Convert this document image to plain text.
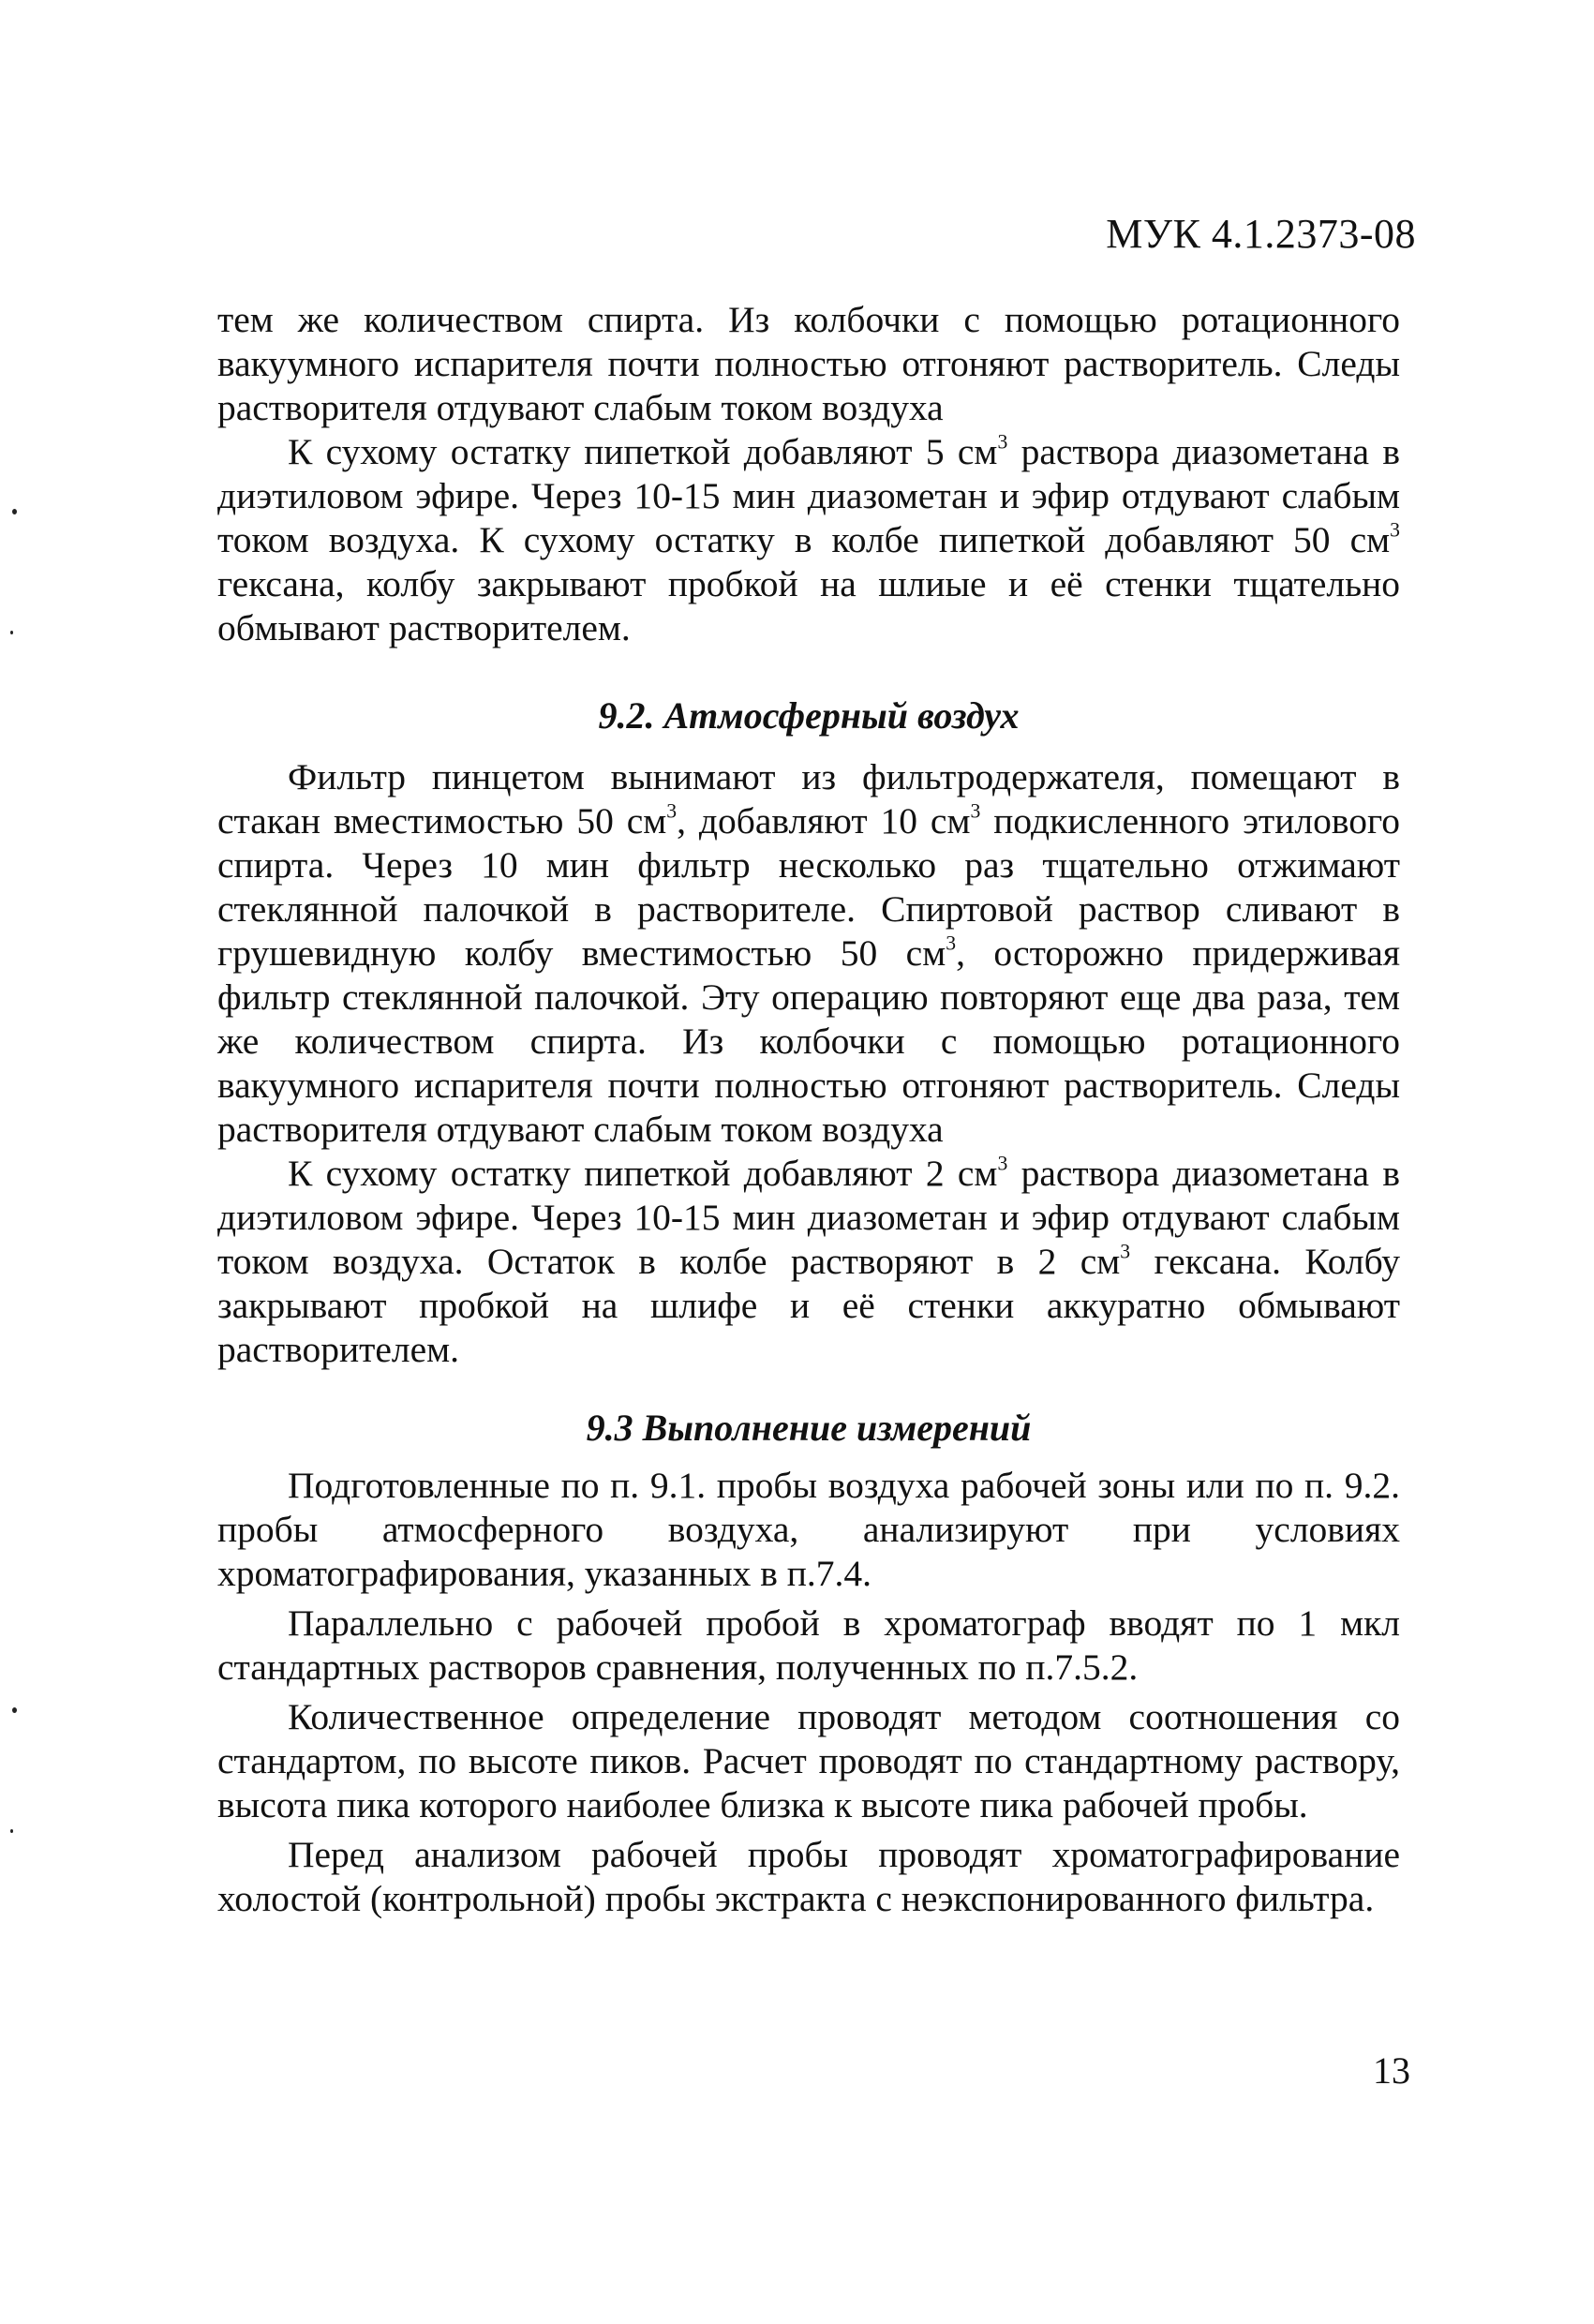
МУК 4.1.2373-08

тем же количеством спирта. Из колбочки с помощью ротационного вакуумного испарителя почти полностью отгоняют растворитель. Следы растворителя отдувают слабым током воздуха

К сухому остатку пипеткой добавляют 5 $см^3$ раствора диазометана в диэтиловом эфире. Через 10-15 мин диазометан и эфир отдувают слабым током воздуха. К сухому остатку в колбе пипеткой добавляют 50 $см^3$ гексана, колбу закрывают пробкой на шлиые и её стенки тщательно обмывают растворителем.

9.2. Атмосферный воздух

Фильтр пинцетом вынимают из фильтродержателя, помещают в стакан вместимостью 50 $см^3$, добавляют 10 $см^3$ подкисленного этилового спирта. Через 10 мин фильтр несколько раз тщательно отжимают стеклянной палочкой в растворителе. Спиртовой раствор сливают в грушевидную колбу вместимостью 50 $см^3$, осторожно придерживая фильтр стеклянной палочкой. Эту операцию повторяют еще два раза, тем же количеством спирта. Из колбочки с помощью ротационного вакуумного испарителя почти полностью отгоняют растворитель. Следы растворителя отдувают слабым током воздуха

К сухому остатку пипеткой добавляют 2 $см^3$ раствора диазометана в диэтиловом эфире. Через 10-15 мин диазометан и эфир отдувают слабым током воздуха. Остаток в колбе растворяют в 2 $см^3$ гексана. Колбу закрывают пробкой на шлифе и её стенки аккуратно обмывают растворителем.

9.3 Выполнение измерений

Подготовленные по п. 9.1. пробы воздуха рабочей зоны или по п. 9.2. пробы атмосферного воздуха, анализируют при условиях хроматографирования, указанных в п.7.4.

Параллельно с рабочей пробой в хроматограф вводят по 1 мкл стандартных растворов сравнения, полученных по п.7.5.2.

Количественное определение проводят методом соотношения со стандартом, по высоте пиков. Расчет проводят по стандартному раствору, высота пика которого наиболее близка к высоте пика рабочей пробы.

Перед анализом рабочей пробы проводят хроматографирование холостой (контрольной) пробы экстракта с неэкспонированного фильтра.

13
